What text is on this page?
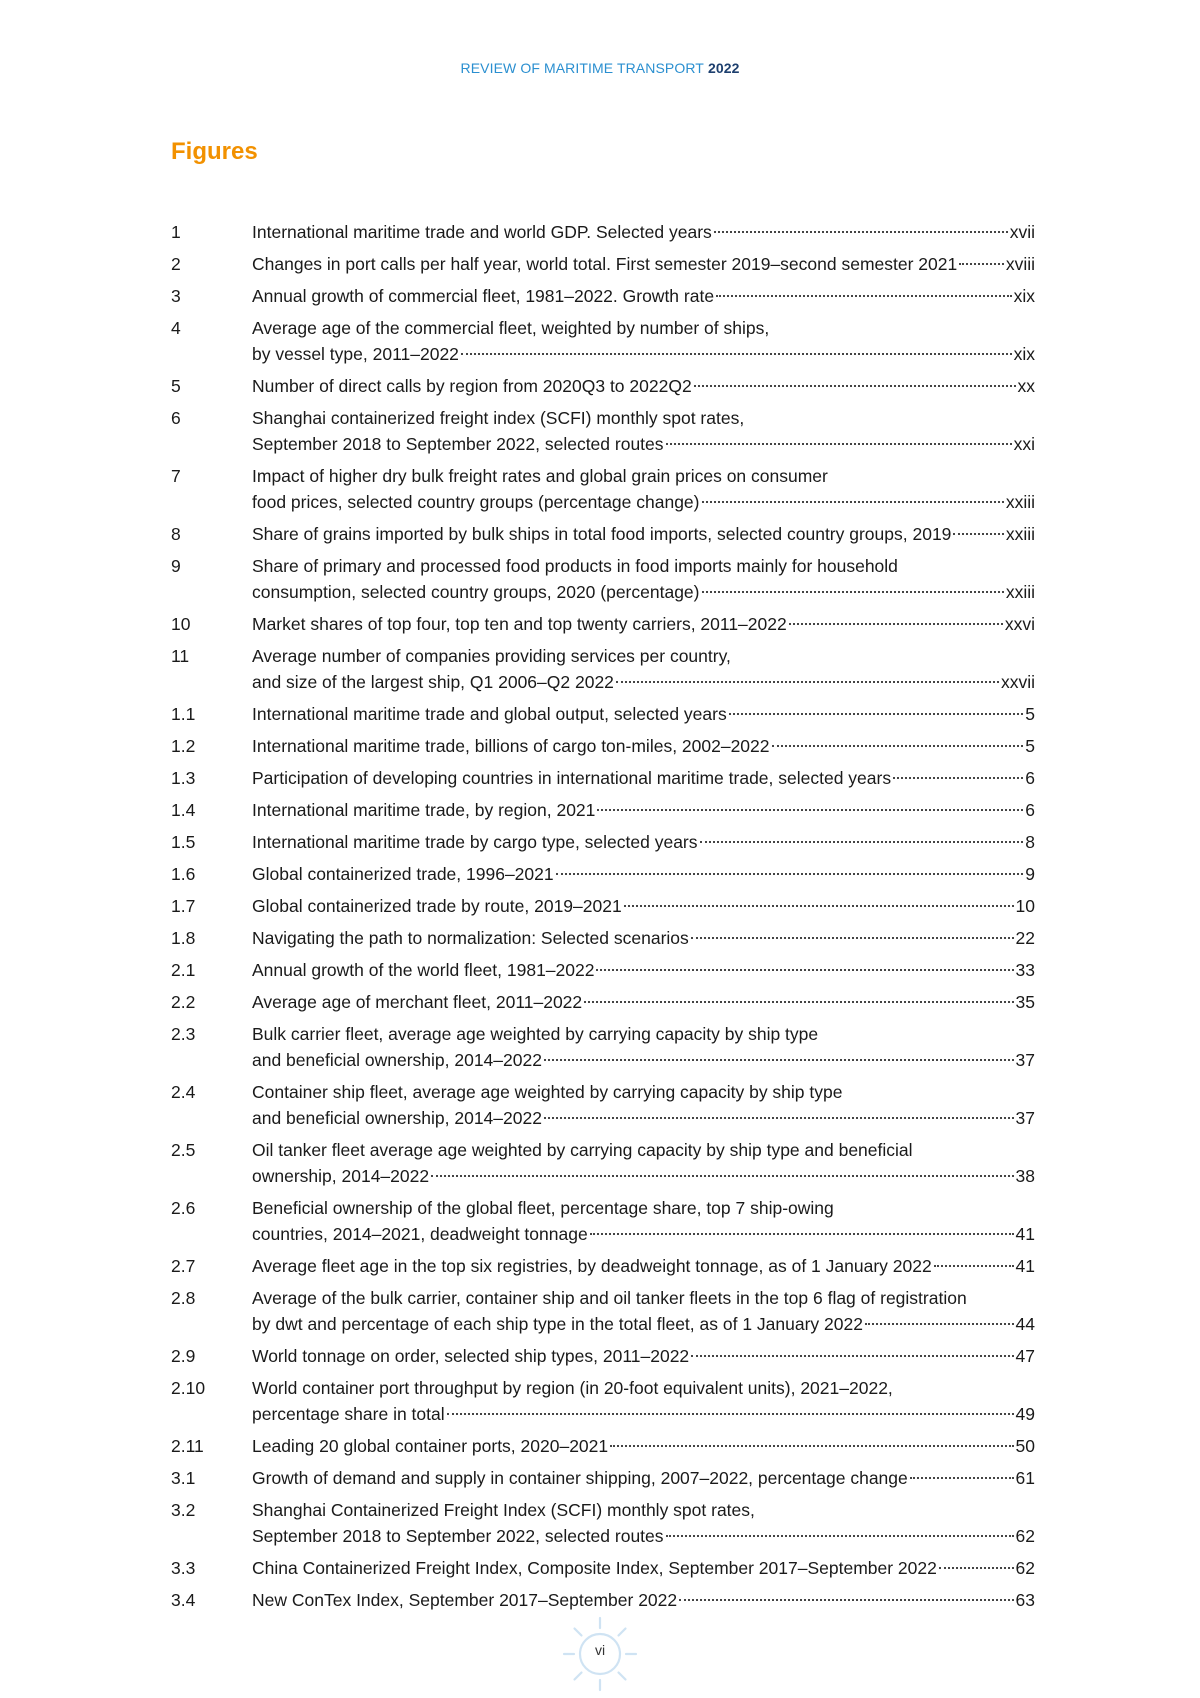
REVIEW OF MARITIME TRANSPORT 2022
Figures
1	International maritime trade and world GDP. Selected years	xvii
2	Changes in port calls per half year, world total. First semester 2019–second semester 2021	xviii
3	Annual growth of commercial fleet, 1981–2022. Growth rate	xix
4	Average age of the commercial fleet, weighted by number of ships,
by vessel type, 2011–2022	xix
5	Number of direct calls by region from 2020Q3 to 2022Q2	xx
6	Shanghai containerized freight index (SCFI) monthly spot rates,
September 2018 to September 2022, selected routes	xxi
7	Impact of higher dry bulk freight rates and global grain prices on consumer
food prices, selected country groups (percentage change)	xxiii
8	Share of grains imported by bulk ships in total food imports, selected country groups, 2019	xxiii
9	Share of primary and processed food products in food imports mainly for household
consumption, selected country groups, 2020 (percentage)	xxiii
10	Market shares of top four, top ten and top twenty carriers, 2011–2022	xxvi
11	Average number of companies providing services per country,
and size of the largest ship, Q1 2006–Q2 2022	xxvii
1.1	International maritime trade and global output, selected years	5
1.2	International maritime trade, billions of cargo ton-miles, 2002–2022	5
1.3	Participation of developing countries in international maritime trade, selected years	6
1.4	International maritime trade, by region, 2021	6
1.5	International maritime trade by cargo type, selected years	8
1.6	Global containerized trade, 1996–2021	9
1.7	Global containerized trade by route, 2019–2021	10
1.8	Navigating the path to normalization: Selected scenarios	22
2.1	Annual growth of the world fleet, 1981–2022	33
2.2	Average age of merchant fleet, 2011–2022	35
2.3	Bulk carrier fleet, average age weighted by carrying capacity by ship type
and beneficial ownership, 2014–2022	37
2.4	Container ship fleet, average age weighted by carrying capacity by ship type
and beneficial ownership, 2014–2022	37
2.5	Oil tanker fleet average age weighted by carrying capacity by ship type and beneficial
ownership, 2014–2022	38
2.6	Beneficial ownership of the global fleet, percentage share, top 7 ship-owing
countries, 2014–2021, deadweight tonnage	41
2.7	Average fleet age in the top six registries, by deadweight tonnage, as of 1 January 2022	41
2.8	Average of the bulk carrier, container ship and oil tanker fleets in the top 6 flag of registration
by dwt and percentage of each ship type in the total fleet, as of 1 January 2022	44
2.9	World tonnage on order, selected ship types, 2011–2022	47
2.10	World container port throughput by region (in 20-foot equivalent units), 2021–2022,
percentage share in total	49
2.11	Leading 20 global container ports, 2020–2021	50
3.1	Growth of demand and supply in container shipping, 2007–2022, percentage change	61
3.2	Shanghai Containerized Freight Index (SCFI) monthly spot rates,
September 2018 to September 2022, selected routes	62
3.3	China Containerized Freight Index, Composite Index, September 2017–September 2022	62
3.4	New ConTex Index, September 2017–September 2022	63
vi
